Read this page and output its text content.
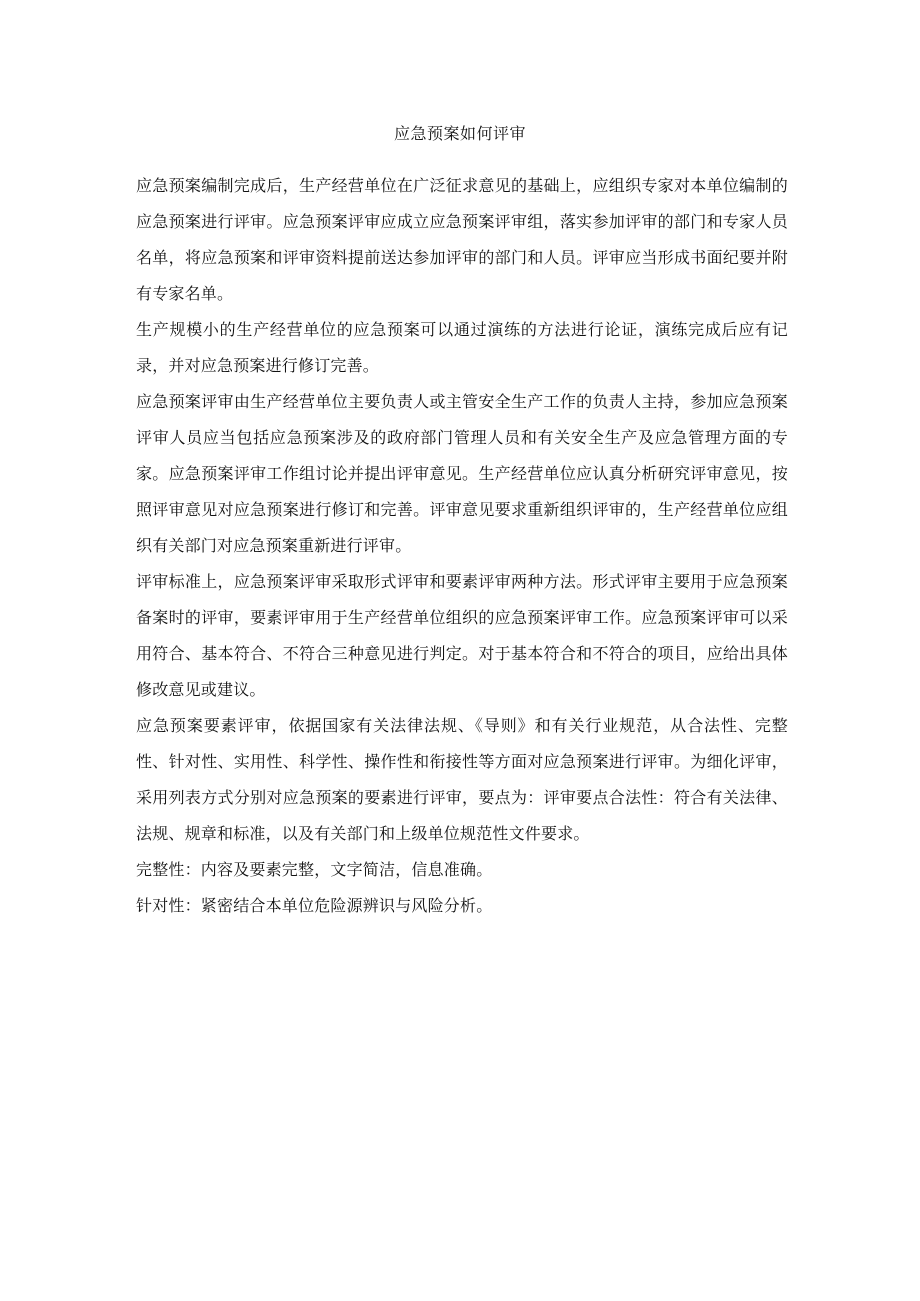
应急预案如何评审

应急预案编制完成后，生产经营单位在广泛征求意见的基础上，应组织专家对本单位编制的应急预案进行评审。应急预案评审应成立应急预案评审组，落实参加评审的部门和专家人员名单，将应急预案和评审资料提前送达参加评审的部门和人员。评审应当形成书面纪要并附有专家名单。

生产规模小的生产经营单位的应急预案可以通过演练的方法进行论证，演练完成后应有记录，并对应急预案进行修订完善。

应急预案评审由生产经营单位主要负责人或主管安全生产工作的负责人主持，参加应急预案评审人员应当包括应急预案涉及的政府部门管理人员和有关安全生产及应急管理方面的专家。应急预案评审工作组讨论并提出评审意见。生产经营单位应认真分析研究评审意见，按照评审意见对应急预案进行修订和完善。评审意见要求重新组织评审的，生产经营单位应组织有关部门对应急预案重新进行评审。

评审标准上，应急预案评审采取形式评审和要素评审两种方法。形式评审主要用于应急预案备案时的评审，要素评审用于生产经营单位组织的应急预案评审工作。应急预案评审可以采用符合、基本符合、不符合三种意见进行判定。对于基本符合和不符合的项目，应给出具体修改意见或建议。

应急预案要素评审，依据国家有关法律法规、《导则》和有关行业规范，从合法性、完整性、针对性、实用性、科学性、操作性和衔接性等方面对应急预案进行评审。为细化评审，采用列表方式分别对应急预案的要素进行评审，要点为：评审要点合法性：符合有关法律、法规、规章和标准，以及有关部门和上级单位规范性文件要求。

完整性：内容及要素完整，文字简洁，信息准确。

针对性：紧密结合本单位危险源辨识与风险分析。
